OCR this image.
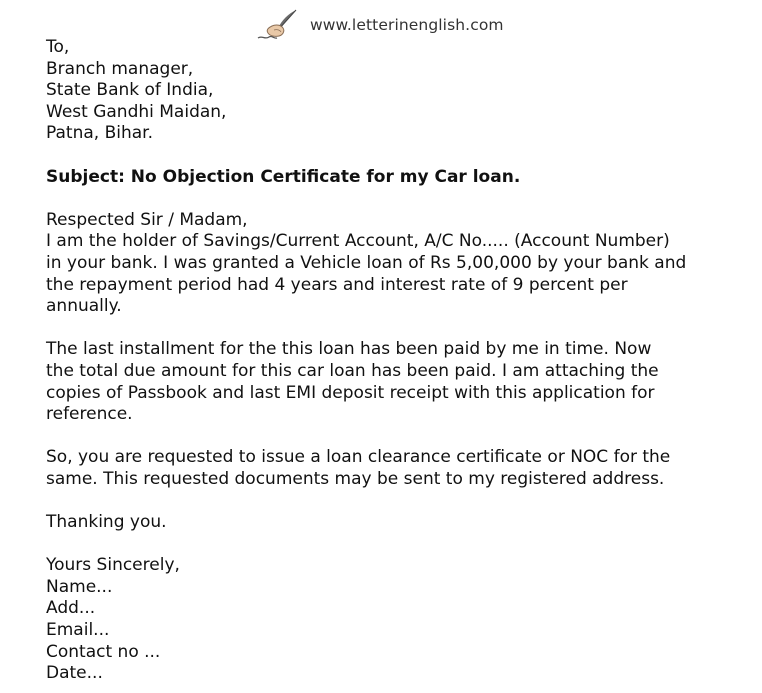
www.letterinenglish.com
To,
Branch manager,
State Bank of India,
West Gandhi Maidan,
Patna, Bihar.
Subject: No Objection Certificate for my Car loan.
Respected Sir / Madam,
I am the holder of Savings/Current Account, A/C No..... (Account Number)
in your bank. I was granted a Vehicle loan of Rs 5,00,000 by your bank and
the repayment period had 4 years and interest rate of 9 percent per
annually.
The last installment for the this loan has been paid by me in time. Now
the total due amount for this car loan has been paid. I am attaching the
copies of Passbook and last EMI deposit receipt with this application for
reference.
So, you are requested to issue a loan clearance certificate or NOC for the
same. This requested documents may be sent to my registered address.
Thanking you.
Yours Sincerely,
Name...
Add...
Email...
Contact no ...
Date...
